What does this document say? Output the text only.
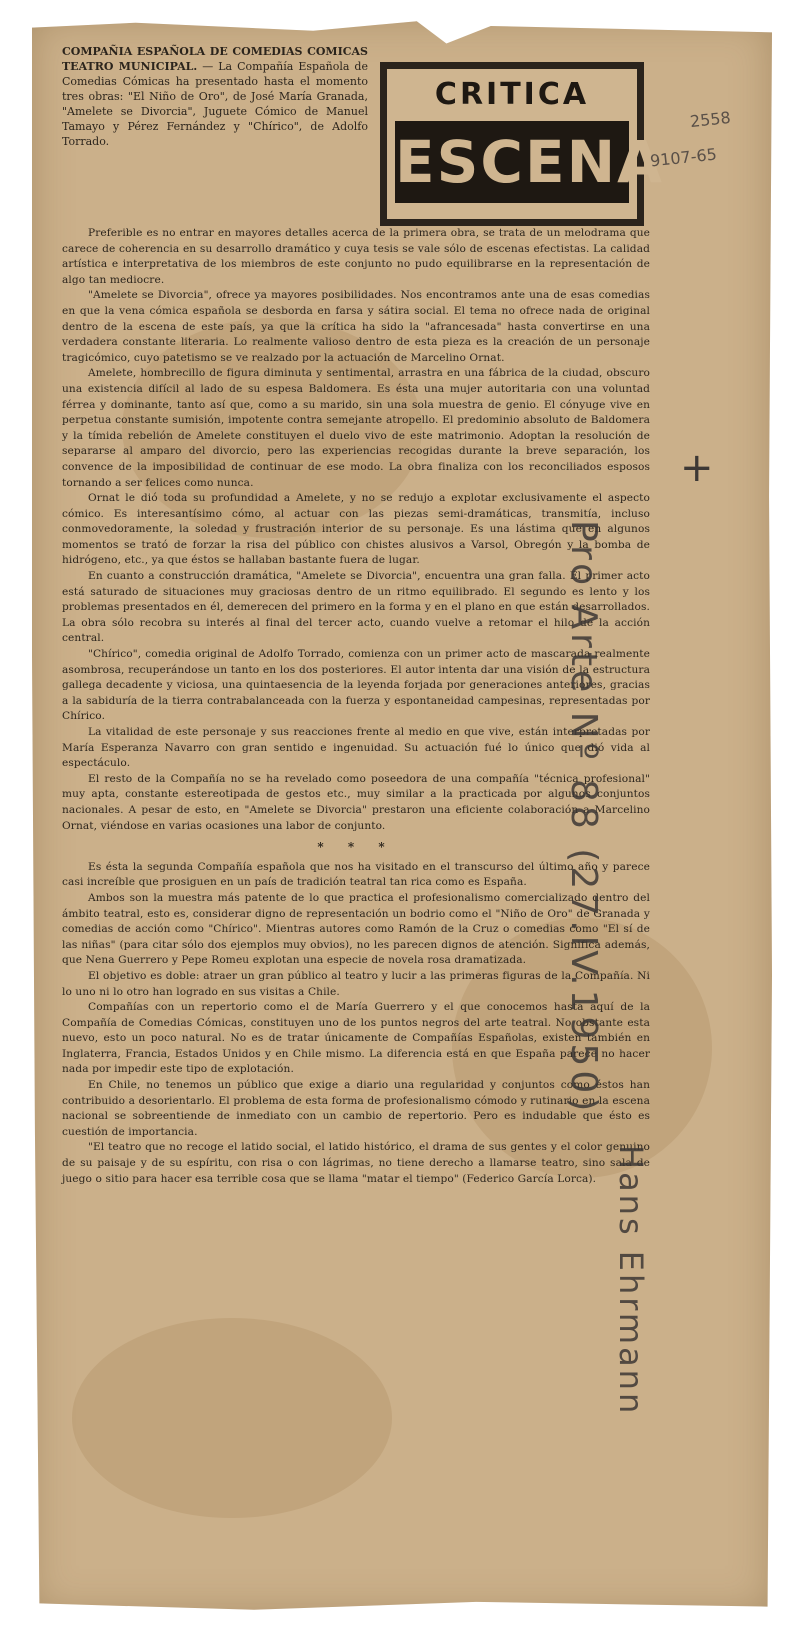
CRITICA
ESCENA
2558
9107-65
COMPAÑIA ESPAÑOLA DE COMEDIAS COMICAS TEATRO MUNICIPAL. — La Compañía Española de Comedias Cómicas ha presentado hasta el momento tres obras: "El Niño de Oro", de José María Granada, "Amelete se Divorcia", Juguete Cómico de Manuel Tamayo y Pérez Fernández y "Chírico", de Adolfo Torrado.

Preferible es no entrar en mayores detalles acerca de la primera obra, se trata de un melodrama que carece de coherencia en su desarrollo dramático y cuya tesis se vale sólo de escenas efectistas. La calidad artística e interpretativa de los miembros de este conjunto no pudo equilibrarse en la representación de algo tan mediocre.

"Amelete se Divorcia", ofrece ya mayores posibilidades. Nos encontramos ante una de esas comedias en que la vena cómica española se desborda en farsa y sátira social. El tema no ofrece nada de original dentro de la escena de este país, ya que la crítica ha sido la "afrancesada" hasta convertirse en una verdadera constante literaria. Lo realmente valioso dentro de esta pieza es la creación de un personaje tragicómico, cuyo patetismo se ve realzado por la actuación de Marcelino Ornat.

Amelete, hombrecillo de figura diminuta y sentimental, arrastra en una fábrica de la ciudad, obscuro una existencia difícil al lado de su espesa Baldomera. Es ésta una mujer autoritaria con una voluntad férrea y dominante, tanto así que, como a su marido, sin una sola muestra de genio. El cónyuge vive en perpetua constante sumisión, impotente contra semejante atropello. El predominio absoluto de Baldomera y la tímida rebelión de Amelete constituyen el duelo vivo de este matrimonio. Adoptan la resolución de separarse al amparo del divorcio, pero las experiencias recogidas durante la breve separación, los convence de la imposibilidad de continuar de ese modo. La obra finaliza con los reconciliados esposos tornando a ser felices como nunca.

Ornat le dió toda su profundidad a Amelete, y no se redujo a explotar exclusivamente el aspecto cómico. Es interesantísimo cómo, al actuar con las piezas semi-dramáticas, transmitía, incluso conmovedoramente, la soledad y frustración interior de su personaje. Es una lástima que en algunos momentos se trató de forzar la risa del público con chistes alusivos a Varsol, Obregón y la bomba de hidrógeno, etc., ya que éstos se hallaban bastante fuera de lugar.

En cuanto a construcción dramática, "Amelete se Divorcia", encuentra una gran falla. El primer acto está saturado de situaciones muy graciosas dentro de un ritmo equilibrado. El segundo es lento y los problemas presentados en él, demerecen del primero en la forma y en el plano en que están desarrollados. La obra sólo recobra su interés al final del tercer acto, cuando vuelve a retomar el hilo de la acción central.

"Chírico", comedia original de Adolfo Torrado, comienza con un primer acto de mascarada realmente asombrosa, recuperándose un tanto en los dos posteriores. El autor intenta dar una visión de la estructura gallega decadente y viciosa, una quintaesencia de la leyenda forjada por generaciones anteriores, gracias a la sabiduría de la tierra contrabalanceada con la fuerza y espontaneidad campesinas, representadas por Chírico.

La vitalidad de este personaje y sus reacciones frente al medio en que vive, están interpretadas por María Esperanza Navarro con gran sentido e ingenuidad. Su actuación fué lo único que dió vida al espectáculo.

El resto de la Compañía no se ha revelado como poseedora de una compañía "técnica profesional" muy apta, constante estereotipada de gestos etc., muy similar a la practicada por algunos conjuntos nacionales. A pesar de esto, en "Amelete se Divorcia" prestaron una eficiente colaboración a Marcelino Ornat, viéndose en varias ocasiones una labor de conjunto.

* * *

Es ésta la segunda Compañía española que nos ha visitado en el transcurso del último año y parece casi increíble que prosiguen en un país de tradición teatral tan rica como es España.

Ambos son la muestra más patente de lo que practica el profesionalismo comercializado dentro del ámbito teatral, esto es, considerar digno de representación un bodrio como el "Niño de Oro" de Granada y comedias de acción como "Chírico". Mientras autores como Ramón de la Cruz o comedias como "El sí de las niñas" (para citar sólo dos ejemplos muy obvios), no les parecen dignos de atención. Significa además, que Nena Guerrero y Pepe Romeu explotan una especie de novela rosa dramatizada.

El objetivo es doble: atraer un gran público al teatro y lucir a las primeras figuras de la Compañía. Ni lo uno ni lo otro han logrado en sus visitas a Chile.

Compañías con un repertorio como el de María Guerrero y el que conocemos hasta aquí de la Compañía de Comedias Cómicas, constituyen uno de los puntos negros del arte teatral. No obstante esta nuevo, esto un poco natural. No es de tratar únicamente de Compañías Españolas, existen también en Inglaterra, Francia, Estados Unidos y en Chile mismo. La diferencia está en que España parece no hacer nada por impedir este tipo de explotación.

En Chile, no tenemos un público que exige a diario una regularidad y conjuntos como éstos han contribuido a desorientarlo. El problema de esta forma de profesionalismo cómodo y rutinario en la escena nacional se sobreentiende de inmediato con un cambio de repertorio. Pero es indudable que ésto es cuestión de importancia.

"El teatro que no recoge el latido social, el latido histórico, el drama de sus gentes y el color genuino de su paisaje y de su espíritu, con risa o con lágrimas, no tiene derecho a llamarse teatro, sino sala de juego o sitio para hacer esa terrible cosa que se llama "matar el tiempo" (Federico García Lorca).

+
Pro Arte Nº 88 (27.IV.1950)
Hans Ehrmann
